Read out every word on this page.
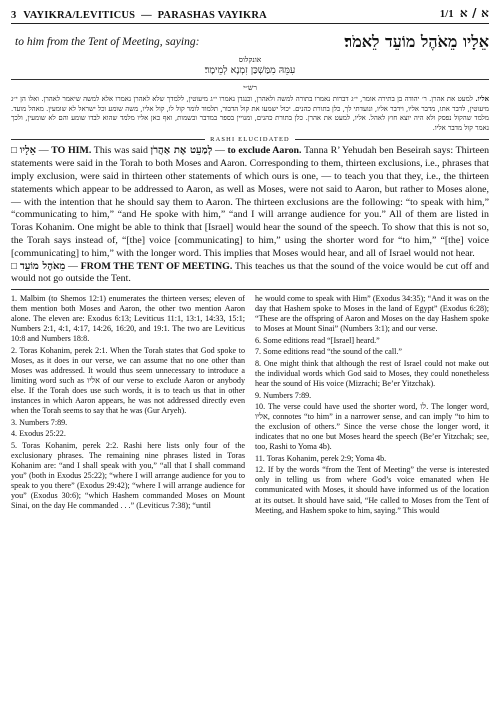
3 VAYIKRA/LEVITICUS — PARASHAS VAYIKRA	1/1 א / א
to him from the Tent of Meeting, saying:	אֵלָיו מֵאֹהֶל מוֹעֵד לֵאמֹר׃
אונקלוס
עִמֵּהּ מִמַּשְׁכַּן זִמְנָא לְמֵימָר׃
רש״י

אליו. למעט את אהרן. ר׳ יהודה בן בתירה אומר, י״ג דברות נאמרו בתורה למשה ולאהרן, וכנגדן נאמרו י״ג מיעוטין, ללמדך שלא לאהרן נאמרו אלא למשה שיאמר לאהרן. ואלו הן י״ג מיעוטין, לדבר אתו, מדבר אליו, וידבר אליו, ונועדתי לך, כלן בתורת כהנים. יכול ישמעו את קול הדבור, תלמוד לומר קול לו, קול אליו, משה שומע וכל ישראל לא שומעין. מאהל מועד. מלמד שהקול נפסק ולא היה יוצא חוץ לאהל. אליו, למעט את אהרן. כלן בתורת כהנים, ומנויין בספר במדבר ובשמות, ואף כאן אליו מלמד שהוא לבדו שומע והם לא שומעין, ולכך נאמר קול מדבר אליו.

RASHI ELUCIDATED

□ אֵלָיו — TO HIM. This was said לְמַעֵט אֶת אַהֲרֹן — to exclude Aaron. Tanna R’ Yehudah ben Beseirah says: Thirteen statements were said in the Torah to both Moses and Aaron. Corresponding to them, thirteen exclusions, i.e., phrases that imply exclusion, were said in thirteen other statements of which ours is one, — to teach you that they, i.e., the thirteen statements which appear to be addressed to Aaron, as well as Moses, were not said to Aaron, but rather to Moses alone, — with the intention that he should say them to Aaron. The thirteen exclusions are the following: “to speak with him,” “communicating to him,” “and He spoke with him,” “and I will arrange audience for you.” All of them are listed in Toras Kohanim. One might be able to think that [Israel] would hear the sound of the speech. To show that this is not so, the Torah says instead of, “[the] voice [communicating] to him,” using the shorter word for “to him,” “[the] voice [communicating] to him,” with the longer word. This implies that Moses would hear, and all of Israel would not hear.

□ מֵאֹהֶל מוֹעֵד — FROM THE TENT OF MEETING. This teaches us that the sound of the voice would be cut off and would not go outside the Tent.

1. Malbim (to Shemos 12:1) enumerates the thirteen verses; eleven of them mention both Moses and Aaron, the other two mention Aaron alone. The eleven are: Exodus 6:13; Leviticus 11:1, 13:1, 14:33, 15:1; Numbers 2:1, 4:1, 4:17, 14:26, 16:20, and 19:1. The two are Leviticus 10:8 and Numbers 18:8.

2. Toras Kohanim, perek 2:1. When the Torah states that God spoke to Moses, as it does in our verse, we can assume that no one other than Moses was addressed. It would thus seem unnecessary to introduce a limiting word such as אליו of our verse to exclude Aaron or anybody else. If the Torah does use such words, it is to teach us that in other instances in which Aaron appears, he was not addressed directly even when the Torah seems to say that he was (Gur Aryeh).

3. Numbers 7:89.

4. Exodus 25:22.

5. Toras Kohanim, perek 2:2. Rashi here lists only four of the exclusionary phrases. The remaining nine phrases listed in Toras Kohanim are: “and I shall speak with you,” “all that I shall command you” (both in Exodus 25:22); “where I will arrange audience for you to speak to you there” (Exodus 29:42); “where I will arrange audience for you” (Exodus 30:6); “which Hashem commanded Moses on Mount Sinai, on the day He commanded . . .” (Leviticus 7:38); “until

he would come to speak with Him” (Exodus 34:35); “And it was on the day that Hashem spoke to Moses in the land of Egypt” (Exodus 6:28); “These are the offspring of Aaron and Moses on the day Hashem spoke to Moses at Mount Sinai” (Numbers 3:1); and our verse.

6. Some editions read “[Israel] heard.”

7. Some editions read “the sound of the call.”

8. One might think that although the rest of Israel could not make out the individual words which God said to Moses, they could nonetheless hear the sound of His voice (Mizrachi; Be’er Yitzchak).

9. Numbers 7:89.

10. The verse could have used the shorter word, לו. The longer word, אליו, connotes “to him” in a narrower sense, and can imply “to him to the exclusion of others.” Since the verse chose the longer word, it indicates that no one but Moses heard the speech (Be’er Yitzchak; see, too, Rashi to Yoma 4b).

11. Toras Kohanim, perek 2:9; Yoma 4b.

12. If by the words “from the Tent of Meeting” the verse is interested only in telling us from where God’s voice emanated when He communicated with Moses, it should have informed us of the location at its outset. It should have said, “He called to Moses from the Tent of Meeting, and Hashem spoke to him, saying.” This would
